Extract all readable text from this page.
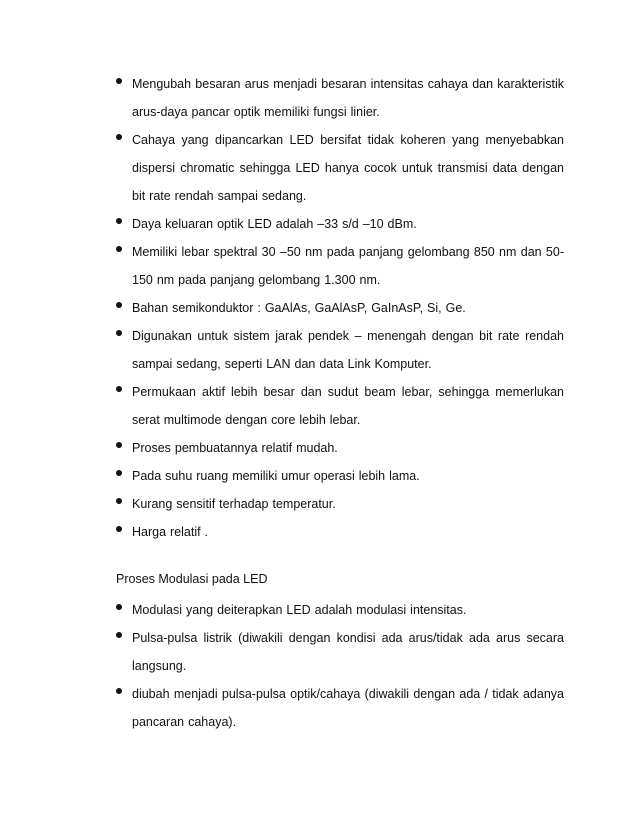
Mengubah besaran arus menjadi besaran intensitas cahaya dan karakteristik arus-daya pancar optik memiliki fungsi linier.
Cahaya yang dipancarkan LED bersifat tidak koheren yang menyebabkan dispersi chromatic sehingga LED hanya cocok untuk transmisi data dengan bit rate rendah sampai sedang.
Daya keluaran optik LED adalah –33 s/d –10 dBm.
Memiliki lebar spektral 30 –50 nm pada panjang gelombang 850 nm dan 50-150 nm pada panjang gelombang 1.300 nm.
Bahan semikonduktor : GaAlAs, GaAlAsP, GaInAsP, Si, Ge.
Digunakan untuk sistem jarak pendek – menengah dengan bit rate rendah sampai sedang, seperti LAN dan data Link Komputer.
Permukaan aktif lebih besar dan sudut beam lebar, sehingga memerlukan serat multimode dengan core lebih lebar.
Proses pembuatannya relatif mudah.
Pada suhu ruang memiliki umur operasi lebih lama.
Kurang sensitif terhadap temperatur.
Harga relatif .

Proses Modulasi pada LED

Modulasi yang deiterapkan LED adalah modulasi intensitas.
Pulsa-pulsa listrik (diwakili dengan kondisi ada arus/tidak ada arus secara langsung.
diubah menjadi pulsa-pulsa optik/cahaya (diwakili dengan ada / tidak adanya pancaran cahaya).
